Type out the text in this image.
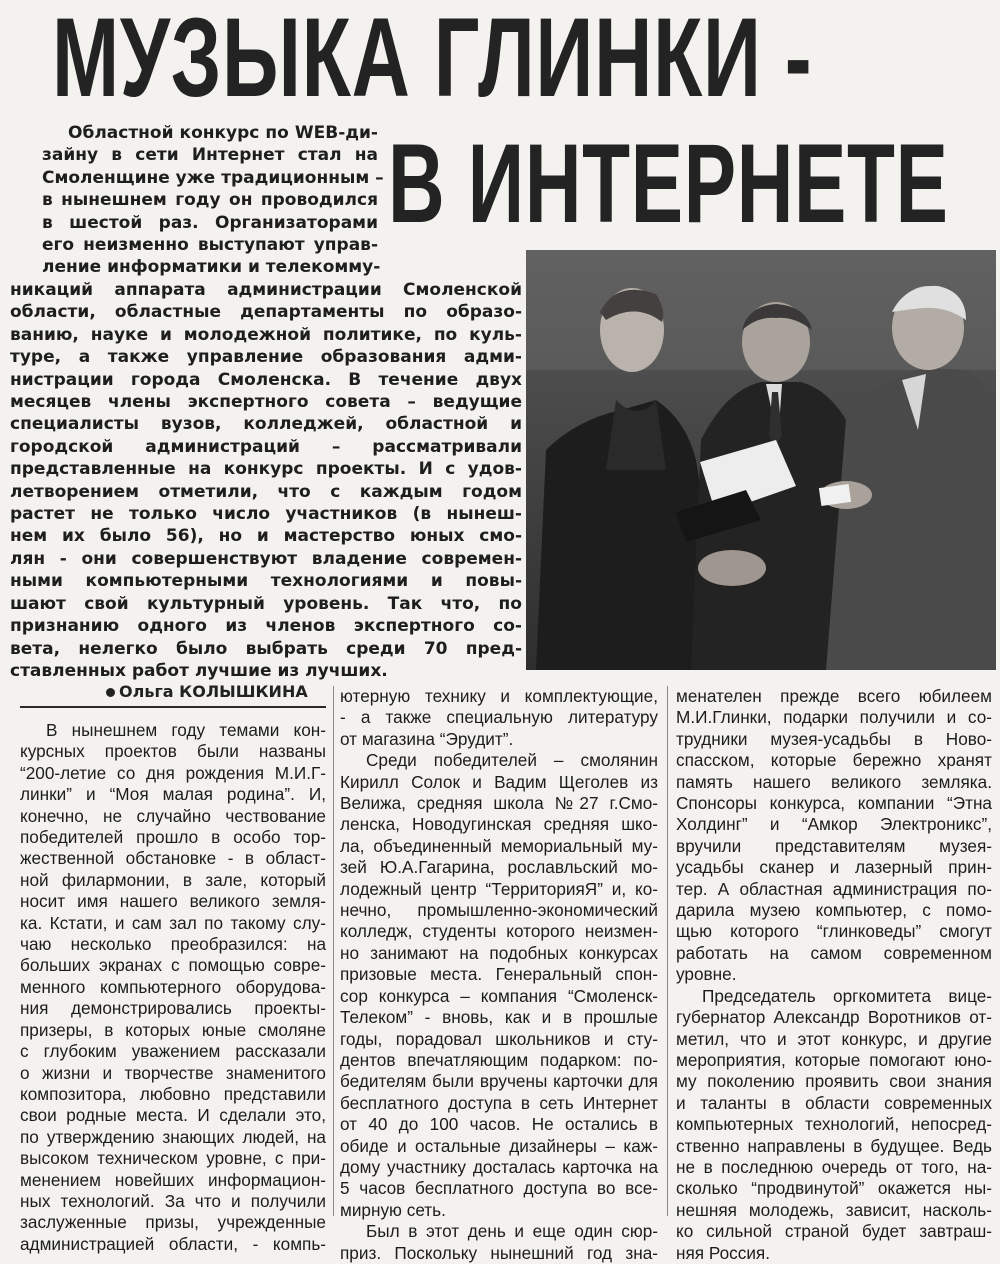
МУЗЫКА ГЛИНКИ -
В ИНТЕРНЕТЕ
Областной конкурс по WEB-ди-
зайну в сети Интернет стал на
Смоленщине уже традиционным –
в нынешнем году он проводился
в шестой раз. Организаторами
его неизменно выступают управ-
ление информатики и телекомму-
никаций аппарата администрации Смоленской
области, областные департаменты по образо-
ванию, науке и молодежной политике, по куль-
туре, а также управление образования адми-
нистрации города Смоленска. В течение двух
месяцев члены экспертного совета – ведущие
специалисты вузов, колледжей, областной и
городской администраций – рассматривали
представленные на конкурс проекты. И с удов-
летворением отметили, что с каждым годом
растет не только число участников (в нынеш-
нем их было 56), но и мастерство юных смо-
лян - они совершенствуют владение современ-
ными компьютерными технологиями и повы-
шают свой культурный уровень. Так что, по
признанию одного из членов экспертного со-
вета, нелегко было выбрать среди 70 пред-
ставленных работ лучшие из лучших.
Ольга КОЛЫШКИНА
В нынешнем году темами кон-
курсных проектов были названы
“200-летие со дня рождения М.И.Г-
линки” и “Моя малая родина”. И,
конечно, не случайно чествование
победителей прошло в особо тор-
жественной обстановке - в област-
ной филармонии, в зале, который
носит имя нашего великого земля-
ка. Кстати, и сам зал по такому слу-
чаю несколько преобразился: на
больших экранах с помощью совре-
менного компьютерного оборудова-
ния демонстрировались проекты-
призеры, в которых юные смоляне
с глубоким уважением рассказали
о жизни и творчестве знаменитого
композитора, любовно представили
свои родные места. И сделали это,
по утверждению знающих людей, на
высоком техническом уровне, с при-
менением новейших информацион-
ных технологий. За что и получили
заслуженные призы, учрежденные
администрацией области, - компь-
ютерную технику и комплектующие,
- а также специальную литературу
от магазина “Эрудит”.
Среди победителей – смолянин
Кирилл Солок и Вадим Щеголев из
Велижа, средняя школа №27 г.Смо-
ленска, Новодугинская средняя шко-
ла, объединенный мемориальный му-
зей Ю.А.Гагарина, рославльский мо-
лодежный центр “ТерриторияЯ” и, ко-
нечно, промышленно-экономический
колледж, студенты которого неизмен-
но занимают на подобных конкурсах
призовые места. Генеральный спон-
сор конкурса – компания “Смоленск-
Телеком” - вновь, как и в прошлые
годы, порадовал школьников и сту-
дентов впечатляющим подарком: по-
бедителям были вручены карточки для
бесплатного доступа в сеть Интернет
от 40 до 100 часов. Не остались в
обиде и остальные дизайнеры – каж-
дому участнику досталась карточка на
5 часов бесплатного доступа во все-
мирную сеть.
Был в этот день и еще один сюр-
приз. Поскольку нынешний год зна-
менателен прежде всего юбилеем
М.И.Глинки, подарки получили и со-
трудники музея-усадьбы в Ново-
спасском, которые бережно хранят
память нашего великого земляка.
Спонсоры конкурса, компании “Этна
Холдинг” и “Амкор Электроникс”,
вручили представителям музея-
усадьбы сканер и лазерный прин-
тер. А областная администрация по-
дарила музею компьютер, с помо-
щью которого “глинковеды” смогут
работать на самом современном
уровне.
Председатель оргкомитета вице-
губернатор Александр Воротников от-
метил, что и этот конкурс, и другие
мероприятия, которые помогают юно-
му поколению проявить свои знания
и таланты в области современных
компьютерных технологий, непосред-
ственно направлены в будущее. Ведь
не в последнюю очередь от того, на-
сколько “продвинутой” окажется ны-
нешняя молодежь, зависит, насколь-
ко сильной страной будет завтраш-
няя Россия.
